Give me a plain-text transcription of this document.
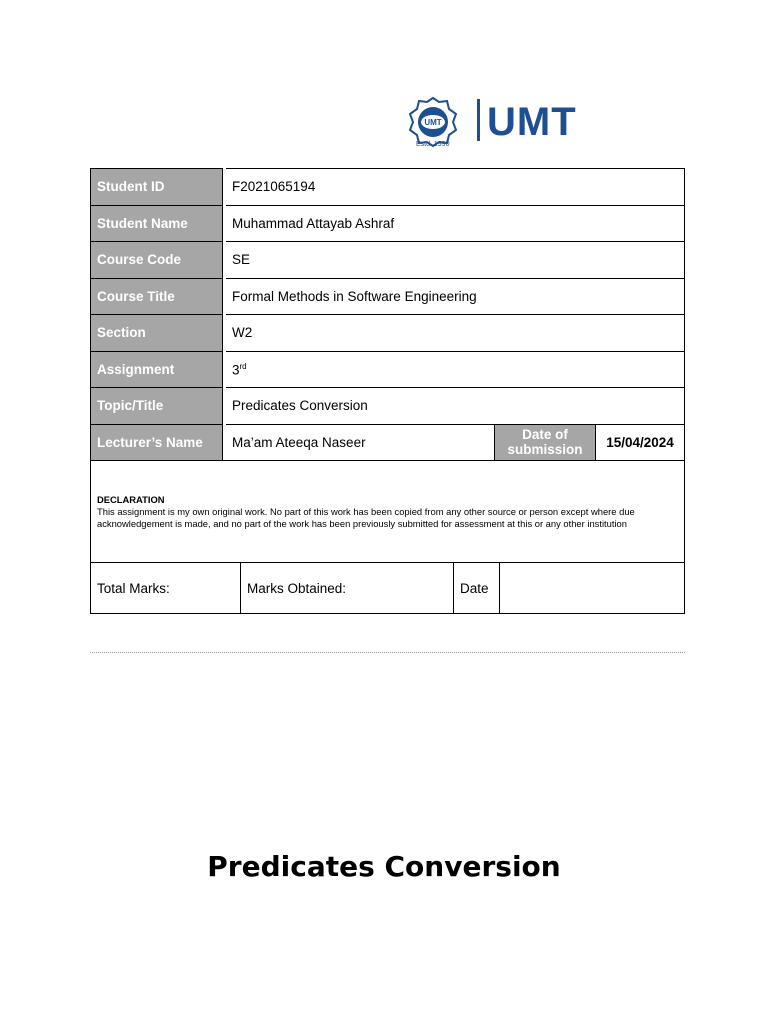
UMT UMT
Estd. 1990
Student ID	F2021065194		
Student Name	Muhammad Attayab Ashraf		
Course Code	SE		
Course Title	Formal Methods in Software Engineering		
Section	W2		
Assignment	3rd
Topic/Title	Predicates Conversion		
Lecturer’s Name	Ma’am Ateeqa Naseer	Date of submission	15/04/2024
DECLARATION
This assignment is my own original work. No part of this work has been copied from any other source or person except where due acknowledgement is made, and no part of the work has been previously submitted for assessment at this or any other institution
Total Marks:	Marks Obtained:	Date	
Predicates Conversion
